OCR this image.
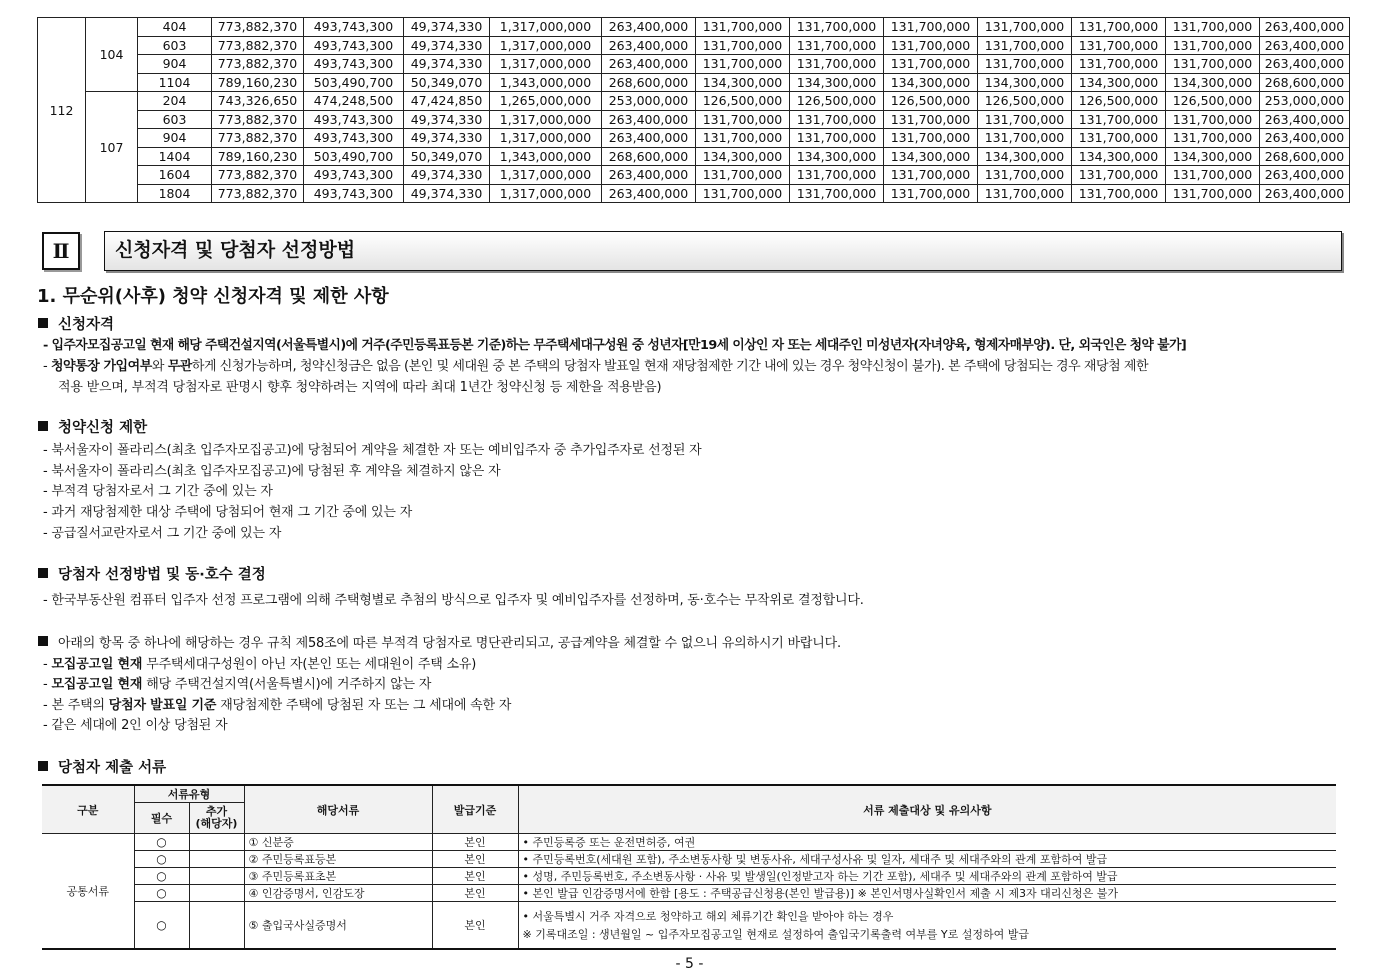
112	104	404	773,882,370	493,743,300	49,374,330	1,317,000,000	263,400,000	131,700,000	131,700,000	131,700,000	131,700,000	131,700,000	131,700,000	263,400,000
		603	773,882,370	493,743,300	49,374,330	1,317,000,000	263,400,000	131,700,000	131,700,000	131,700,000	131,700,000	131,700,000	131,700,000	263,400,000
		904	773,882,370	493,743,300	49,374,330	1,317,000,000	263,400,000	131,700,000	131,700,000	131,700,000	131,700,000	131,700,000	131,700,000	263,400,000
		1104	789,160,230	503,490,700	50,349,070	1,343,000,000	268,600,000	134,300,000	134,300,000	134,300,000	134,300,000	134,300,000	134,300,000	268,600,000
	107	204	743,326,650	474,248,500	47,424,850	1,265,000,000	253,000,000	126,500,000	126,500,000	126,500,000	126,500,000	126,500,000	126,500,000	253,000,000
		603	773,882,370	493,743,300	49,374,330	1,317,000,000	263,400,000	131,700,000	131,700,000	131,700,000	131,700,000	131,700,000	131,700,000	263,400,000
		904	773,882,370	493,743,300	49,374,330	1,317,000,000	263,400,000	131,700,000	131,700,000	131,700,000	131,700,000	131,700,000	131,700,000	263,400,000
		1404	789,160,230	503,490,700	50,349,070	1,343,000,000	268,600,000	134,300,000	134,300,000	134,300,000	134,300,000	134,300,000	134,300,000	268,600,000
		1604	773,882,370	493,743,300	49,374,330	1,317,000,000	263,400,000	131,700,000	131,700,000	131,700,000	131,700,000	131,700,000	131,700,000	263,400,000
		1804	773,882,370	493,743,300	49,374,330	1,317,000,000	263,400,000	131,700,000	131,700,000	131,700,000	131,700,000	131,700,000	131,700,000	263,400,000
Ⅱ	신청자격 및 당첨자 선정방법
1. 무순위(사후) 청약 신청자격 및 제한 사항
신청자격
- 입주자모집공고일 현재 해당 주택건설지역(서울특별시)에 거주(주민등록표등본 기준)하는 무주택세대구성원 중 성년자[만19세 이상인 자 또는 세대주인 미성년자(자녀양육, 형제자매부양). 단, 외국인은 청약 불가]
- 청약통장 가입여부와 무관하게 신청가능하며, 청약신청금은 없음 (본인 및 세대원 중 본 주택의 당첨자 발표일 현재 재당첨제한 기간 내에 있는 경우 청약신청이 불가). 본 주택에 당첨되는 경우 재당첨 제한
적용 받으며, 부적격 당첨자로 판명시 향후 청약하려는 지역에 따라 최대 1년간 청약신청 등 제한을 적용받음)
청약신청 제한
- 북서울자이 폴라리스(최초 입주자모집공고)에 당첨되어 계약을 체결한 자 또는 예비입주자 중 추가입주자로 선정된 자
- 북서울자이 폴라리스(최초 입주자모집공고)에 당첨된 후 계약을 체결하지 않은 자
- 부적격 당첨자로서 그 기간 중에 있는 자
- 과거 재당첨제한 대상 주택에 당첨되어 현재 그 기간 중에 있는 자
- 공급질서교란자로서 그 기간 중에 있는 자
당첨자 선정방법 및 동·호수 결정
- 한국부동산원 컴퓨터 입주자 선정 프로그램에 의해 주택형별로 추첨의 방식으로 입주자 및 예비입주자를 선정하며, 동·호수는 무작위로 결정합니다.
아래의 항목 중 하나에 해당하는 경우 규칙 제58조에 따른 부적격 당첨자로 명단관리되고, 공급계약을 체결할 수 없으니 유의하시기 바랍니다.
- 모집공고일 현재 무주택세대구성원이 아닌 자(본인 또는 세대원이 주택 소유)
- 모집공고일 현재 해당 주택건설지역(서울특별시)에 거주하지 않는 자
- 본 주택의 당첨자 발표일 기준 재당첨제한 주택에 당첨된 자 또는 그 세대에 속한 자
- 같은 세대에 2인 이상 당첨된 자
당첨자 제출 서류
구분	서류유형		해당서류	발급기준	서류 제출대상 및 유의사항
	필수	추가
(해당자)			
공통서류	○		① 신분증	본인	• 주민등록증 또는 운전면허증, 여권

	○		② 주민등록표등본	본인	• 주민등록번호(세대원 포함), 주소변동사항 및 변동사유, 세대구성사유 및 일자, 세대주 및 세대주와의 관계 포함하여 발급

	○		③ 주민등록표초본	본인	• 성명, 주민등록번호, 주소변동사항 · 사유 및 발생일(인정받고자 하는 기간 포함), 세대주 및 세대주와의 관계 포함하여 발급

	○		④ 인감증명서, 인감도장	본인	• 본인 발급 인감증명서에 한함 [용도 : 주택공급신청용(본인 발급용)] ※ 본인서명사실확인서 제출 시 제3자 대리신청은 불가

	○		⑤ 출입국사실증명서	본인	• 서울특별시 거주 자격으로 청약하고 해외 체류기간 확인을 받아야 하는 경우
※ 기록대조일 : 생년월일 ~ 입주자모집공고일 현재로 설정하여 출입국기록출력 여부를 Y로 설정하여 발급
- 5 -
